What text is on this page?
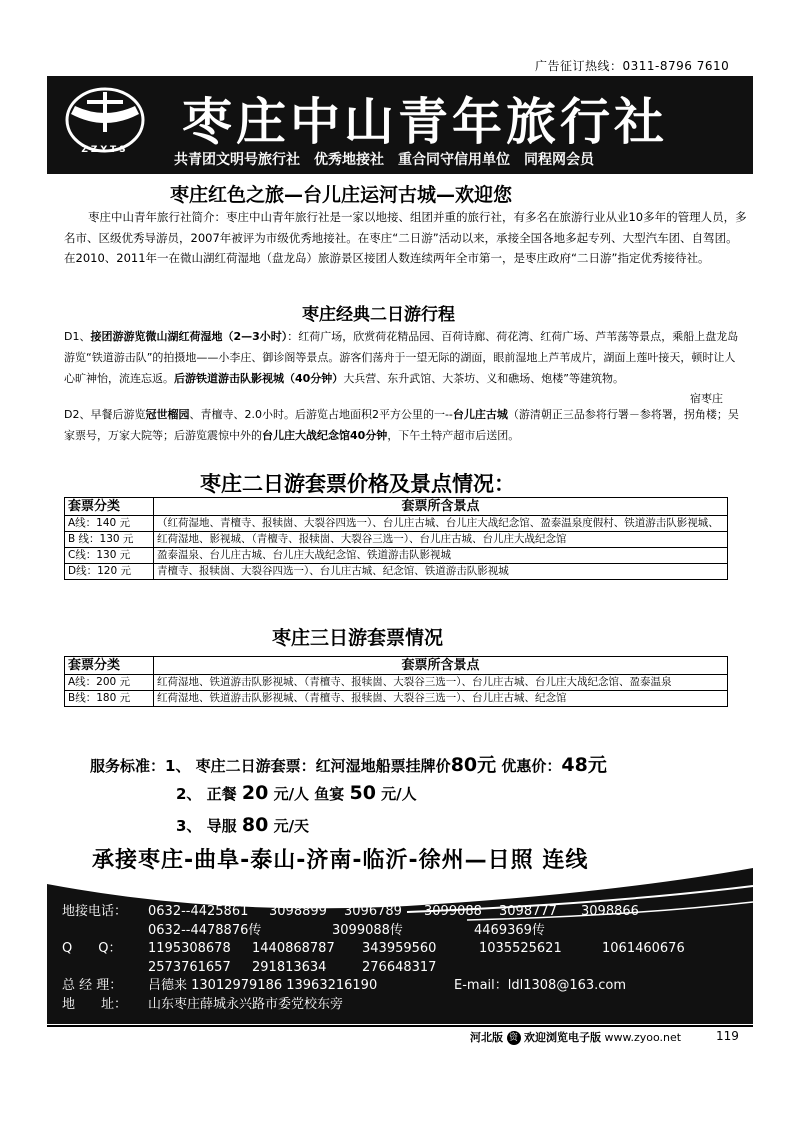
广告征订热线：0311-8796 7610
ZZYTS 枣庄中山青年旅行社
共青团文明号旅行社　优秀地接社　重合同守信用单位　同程网会员
枣庄红色之旅—台儿庄运河古城—欢迎您
枣庄中山青年旅行社简介：枣庄中山青年旅行社是一家以地接、组团并重的旅行社，有多名在旅游行业从业10多年的管理人员，多名市、区级优秀导游员，2007年被评为市级优秀地接社。在枣庄“二日游”活动以来，承接全国各地多起专列、大型汽车团、自驾团。在2010、2011年一在微山湖红荷湿地（盘龙岛）旅游景区接团人数连续两年全市第一，是枣庄政府“二日游”指定优秀接待社。
枣庄经典二日游行程
D1、接团游游览微山湖红荷湿地（2—3小时）：红荷广场，欣赏荷花精品园、百荷诗廊、荷花湾、红荷广场、芦苇荡等景点，乘船上盘龙岛游览“铁道游击队”的拍摄地——小李庄、御诊阁等景点。游客们荡舟于一望无际的湖面，眼前湿地上芦苇成片，湖面上莲叶接天，顿时让人心旷神怡，流连忘返。后游铁道游击队影视城（40分钟）大兵营、东升武馆、大茶坊、义和礁场、炮楼”等建筑物。
宿枣庄
D2、早餐后游览冠世榴园、青檀寺、2.0小时。后游览占地面积2平方公里的一--台儿庄古城（游清朝正三品参将行署－参将署，拐角楼；吴家票号，万家大院等；后游览震惊中外的台儿庄大战纪念馆40分钟，下午土特产超市后送团。
枣庄二日游套票价格及景点情况：
套票分类	套票所含景点
A线：140 元	（红荷湿地、青檀寺、报犊崮、大裂谷四选一）、台儿庄古城、台儿庄大战纪念馆、盈泰温泉度假村、铁道游击队影视城、
B 线：130 元	红荷湿地、影视城、（青檀寺、报犊崮、大裂谷三选一）、台儿庄古城、台儿庄大战纪念馆
C线：130 元	盈泰温泉、台儿庄古城、台儿庄大战纪念馆、铁道游击队影视城
D线：120 元	青檀寺、报犊崮、大裂谷四选一）、台儿庄古城、纪念馆、铁道游击队影视城
枣庄三日游套票情况
套票分类	套票所含景点
A线：200 元	红荷湿地、铁道游击队影视城、（青檀寺、报犊崮、大裂谷三选一）、台儿庄古城、台儿庄大战纪念馆、盈泰温泉
B线：180 元	红荷湿地、铁道游击队影视城、（青檀寺、报犊崮、大裂谷三选一）、台儿庄古城、纪念馆
服务标准：1、 枣庄二日游套票：红河湿地船票挂牌价80元 优惠价：48元
2、 正餐 20 元/人 鱼宴 50 元/人
3、 导服 80 元/天
承接枣庄-曲阜-泰山-济南-临沂-徐州—日照 连线
地接电话： 0632--4425861 3098899 3096789 3099088 3098777 3098866
0632--4478876传	3099088传	4469369传
Q　　Q： 1195308678 1440868787 343959560	1035525621	1061460676
2573761657 291813634	276648317
总 经 理： 吕德来 13012979186 13963216190	E-mail：ldl1308@163.com
地　　址： 山东枣庄薛城永兴路市委党校东旁
河北版 资 欢迎浏览电子版 www.zyoo.net	119
